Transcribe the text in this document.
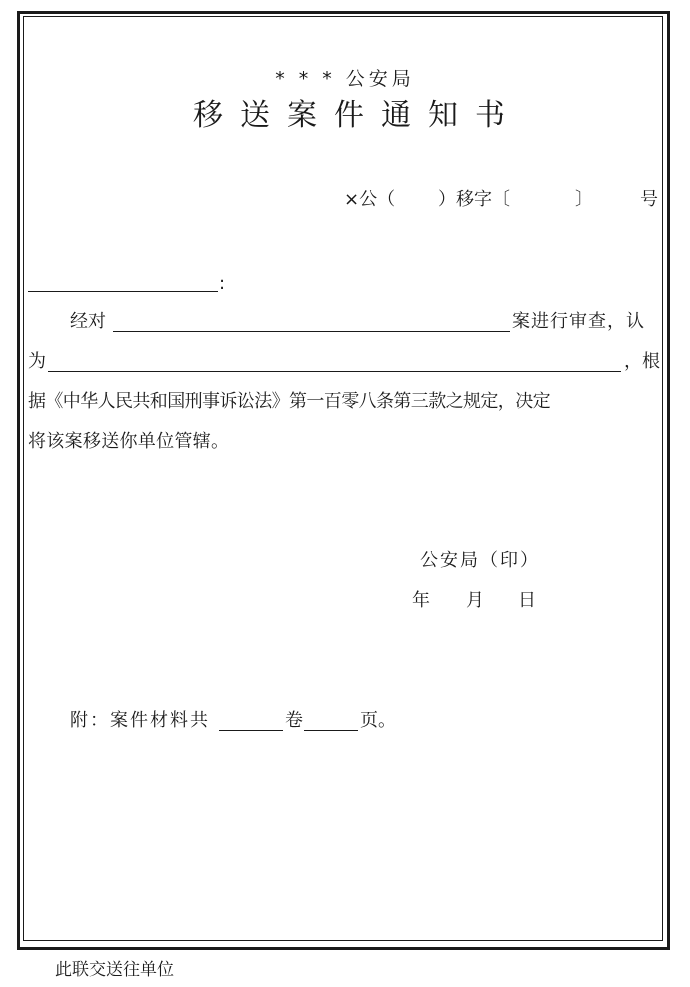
* * * 公安局
移送案件通知书
×公（ ）移字〔	〕	号
:
经对	案进行审查，认
为	，根
据《中华人民共和国刑事诉讼法》第一百零八条第三款之规定，决定
将该案移送你单位管辖。
公安局（印）
年 月 日
附：案件材料共	卷	页。
此联交送往单位
